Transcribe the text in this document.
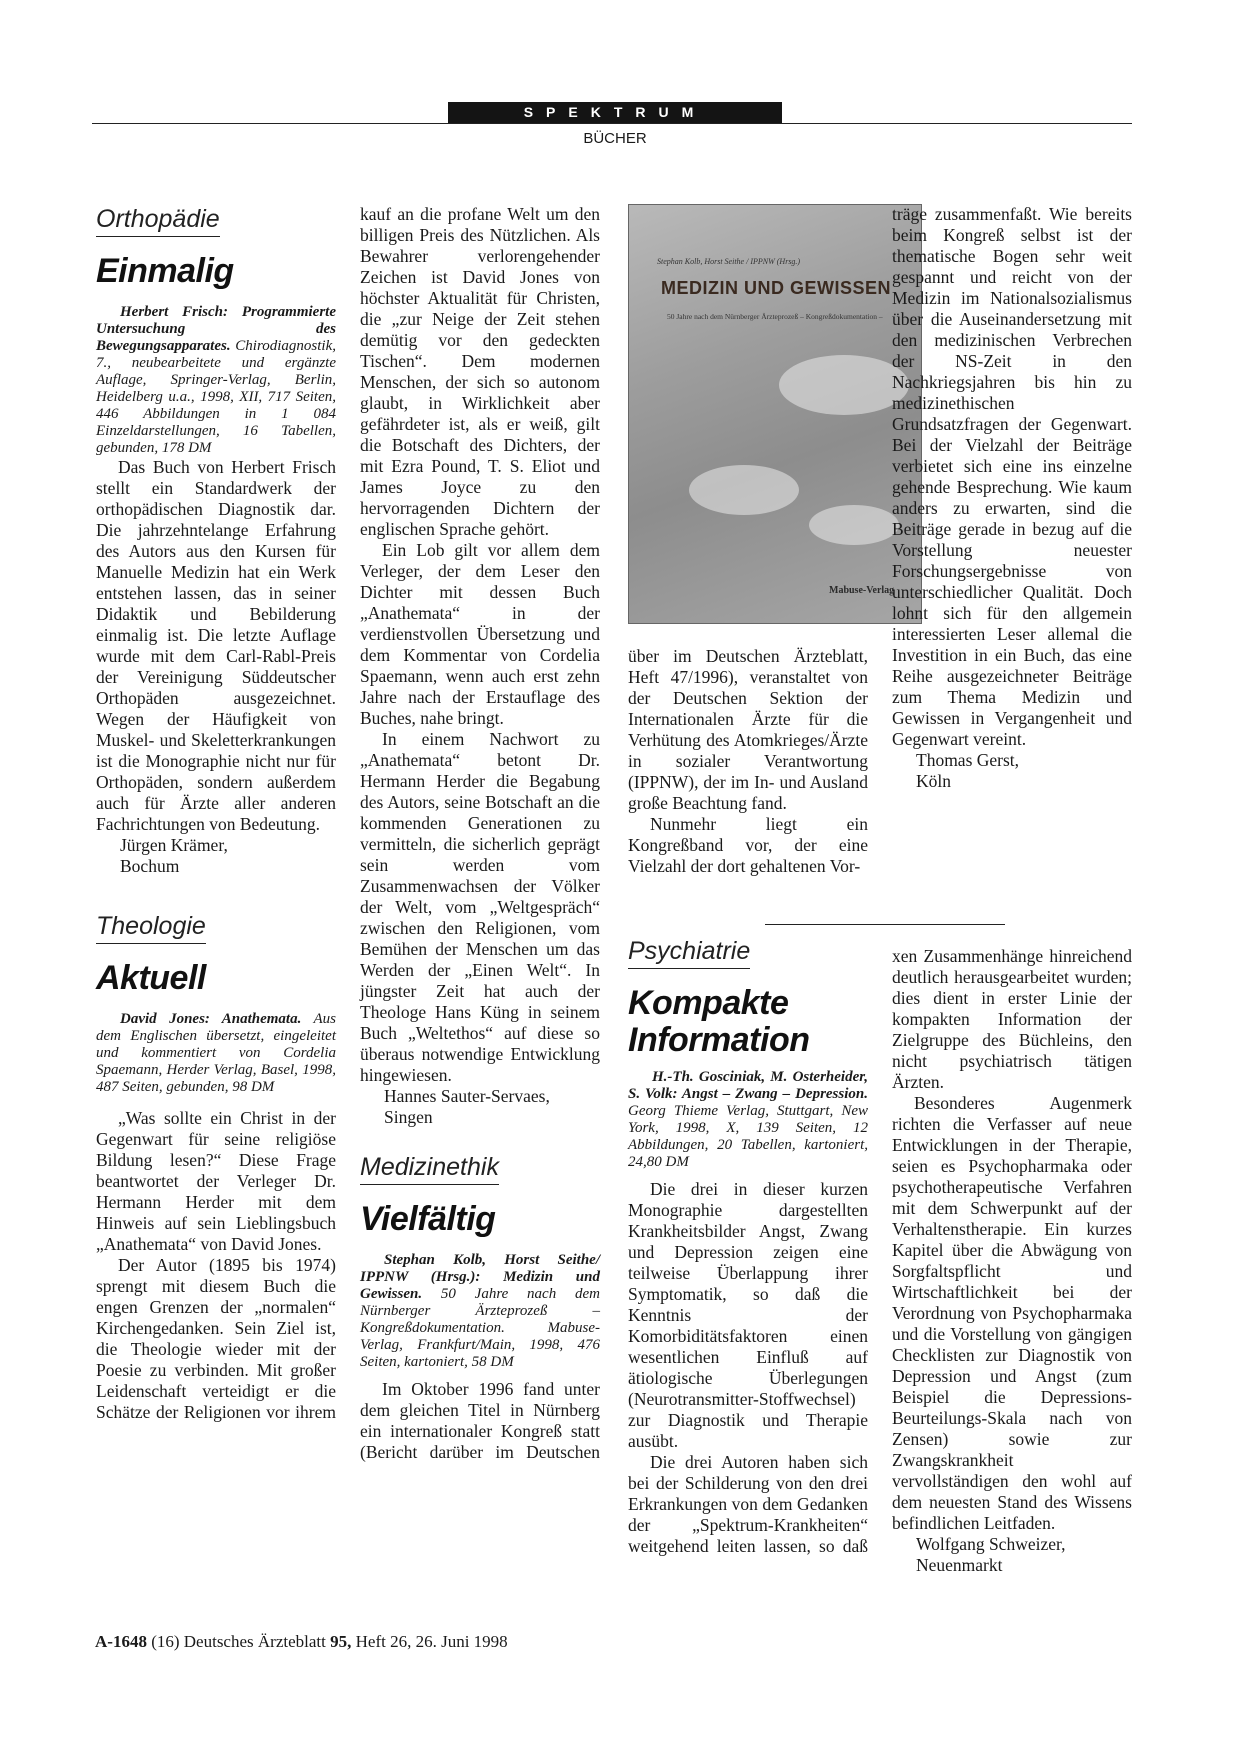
SPEKTRUM
BÜCHER
Orthopädie
Einmalig

Herbert Frisch: Programmierte Untersuchung des Bewegungsapparates. Chirodiagnostik, 7., neubearbeitete und ergänzte Auflage, Springer-Verlag, Berlin, Heidelberg u.a., 1998, XII, 717 Seiten, 446 Abbildungen in 1 084 Einzeldarstellungen, 16 Tabellen, gebunden, 178 DM

Das Buch von Herbert Frisch stellt ein Standardwerk der orthopädischen Diagnostik dar. Die jahrzehntelange Erfahrung des Autors aus den Kursen für Manuelle Medizin hat ein Werk entstehen lassen, das in seiner Didaktik und Bebilderung einmalig ist. Die letzte Auflage wurde mit dem Carl-Rabl-Preis der Vereinigung Süddeutscher Orthopäden ausgezeichnet. Wegen der Häufigkeit von Muskel- und Skeletterkrankungen ist die Monographie nicht nur für Orthopäden, sondern außerdem auch für Ärzte aller anderen Fachrichtungen von Bedeutung.

Jürgen Krämer,

Bochum

Theologie
Aktuell

David Jones: Anathemata. Aus dem Englischen übersetzt, eingeleitet und kommentiert von Cordelia Spaemann, Herder Verlag, Basel, 1998, 487 Seiten, gebunden, 98 DM

„Was sollte ein Christ in der Gegenwart für seine religiöse Bildung lesen?“ Diese Frage beantwortet der Verleger Dr. Hermann Herder mit dem Hinweis auf sein Lieblingsbuch „Anathemata“ von David Jones.

Der Autor (1895 bis 1974) sprengt mit diesem Buch die engen Grenzen der „normalen“ Kirchengedanken. Sein Ziel ist, die Theologie wieder mit der Poesie zu verbinden. Mit großer Leidenschaft verteidigt er die Schätze der Religionen vor ihrem

kauf an die profane Welt um den billigen Preis des Nützlichen. Als Bewahrer verlorengehender Zeichen ist David Jones von höchster Aktualität für Christen, die „zur Neige der Zeit stehen demütig vor den gedeckten Tischen“. Dem modernen Menschen, der sich so autonom glaubt, in Wirklichkeit aber gefährdeter ist, als er weiß, gilt die Botschaft des Dichters, der mit Ezra Pound, T. S. Eliot und James Joyce zu den hervorragenden Dichtern der englischen Sprache gehört.

Ein Lob gilt vor allem dem Verleger, der dem Leser den Dichter mit dessen Buch „Anathemata“ in der verdienstvollen Übersetzung und dem Kommentar von Cordelia Spaemann, wenn auch erst zehn Jahre nach der Erstauflage des Buches, nahe bringt.

In einem Nachwort zu „Anathemata“ betont Dr. Hermann Herder die Begabung des Autors, seine Botschaft an die kommenden Generationen zu vermitteln, die sicherlich geprägt sein werden vom Zusammenwachsen der Völker der Welt, vom „Weltgespräch“ zwischen den Religionen, vom Bemühen der Menschen um das Werden der „Einen Welt“. In jüngster Zeit hat auch der Theologe Hans Küng in seinem Buch „Weltethos“ auf diese so überaus notwendige Entwicklung hingewiesen.

Hannes Sauter-Servaes,

Singen

Medizinethik
Vielfältig

Stephan Kolb, Horst Seithe/ IPPNW (Hrsg.): Medizin und Gewissen. 50 Jahre nach dem Nürnberger Ärzteprozeß – Kongreßdokumentation. Mabuse-Verlag, Frankfurt/Main, 1998, 476 Seiten, kartoniert, 58 DM

Im Oktober 1996 fand unter dem gleichen Titel in Nürnberg ein internationaler Kongreß statt (Bericht darüber im Deutschen

Stephan Kolb, Horst Seithe / IPPNW (Hrsg.)
MEDIZIN UND GEWISSEN
50 Jahre nach dem Nürnberger Ärzteprozeß – Kongreßdokumentation –
Mabuse-Verlag

über im Deutschen Ärzteblatt, Heft 47/1996), veranstaltet von der Deutschen Sektion der Internationalen Ärzte für die Verhütung des Atomkrieges/Ärzte in sozialer Verantwortung (IPPNW), der im In- und Ausland große Beachtung fand.

Nunmehr liegt ein Kongreßband vor, der eine Vielzahl der dort gehaltenen Vor-

träge zusammenfaßt. Wie bereits beim Kongreß selbst ist der thematische Bogen sehr weit gespannt und reicht von der Medizin im Nationalsozialismus über die Auseinandersetzung mit den medizinischen Verbrechen der NS-Zeit in den Nachkriegsjahren bis hin zu medizinethischen Grundsatzfragen der Gegenwart. Bei der Vielzahl der Beiträge verbietet sich eine ins einzelne gehende Besprechung. Wie kaum anders zu erwarten, sind die Beiträge gerade in bezug auf die Vorstellung neuester Forschungsergebnisse von unterschiedlicher Qualität. Doch lohnt sich für den allgemein interessierten Leser allemal die Investition in ein Buch, das eine Reihe ausgezeichneter Beiträge zum Thema Medizin und Gewissen in Vergangenheit und Gegenwart vereint.

Thomas Gerst,

Köln

Psychiatrie
Kompakte
Information

H.-Th. Gosciniak, M. Osterheider, S. Volk: Angst – Zwang – Depression. Georg Thieme Verlag, Stuttgart, New York, 1998, X, 139 Seiten, 12 Abbildungen, 20 Tabellen, kartoniert, 24,80 DM

Die drei in dieser kurzen Monographie dargestellten Krankheitsbilder Angst, Zwang und Depression zeigen eine teilweise Überlappung ihrer Symptomatik, so daß die Kenntnis der Komorbiditätsfaktoren einen wesentlichen Einfluß auf ätiologische Überlegungen (Neurotransmitter-Stoffwechsel) zur Diagnostik und Therapie ausübt.

Die drei Autoren haben sich bei der Schilderung von den drei Erkrankungen von dem Gedanken der „Spektrum-Krankheiten“ weitgehend leiten lassen, so daß

xen Zusammenhänge hinreichend deutlich herausgearbeitet wurden; dies dient in erster Linie der kompakten Information der Zielgruppe des Büchleins, den nicht psychiatrisch tätigen Ärzten.

Besonderes Augenmerk richten die Verfasser auf neue Entwicklungen in der Therapie, seien es Psychopharmaka oder psychotherapeutische Verfahren mit dem Schwerpunkt auf der Verhaltenstherapie. Ein kurzes Kapitel über die Abwägung von Sorgfaltspflicht und Wirtschaftlichkeit bei der Verordnung von Psychopharmaka und die Vorstellung von gängigen Checklisten zur Diagnostik von Depression und Angst (zum Beispiel die Depressions-Beurteilungs-Skala nach von Zensen) sowie zur Zwangskrankheit vervollständigen den wohl auf dem neuesten Stand des Wissens befindlichen Leitfaden.

Wolfgang Schweizer,

Neuenmarkt

A-1648 (16) Deutsches Ärzteblatt 95, Heft 26, 26. Juni 1998
